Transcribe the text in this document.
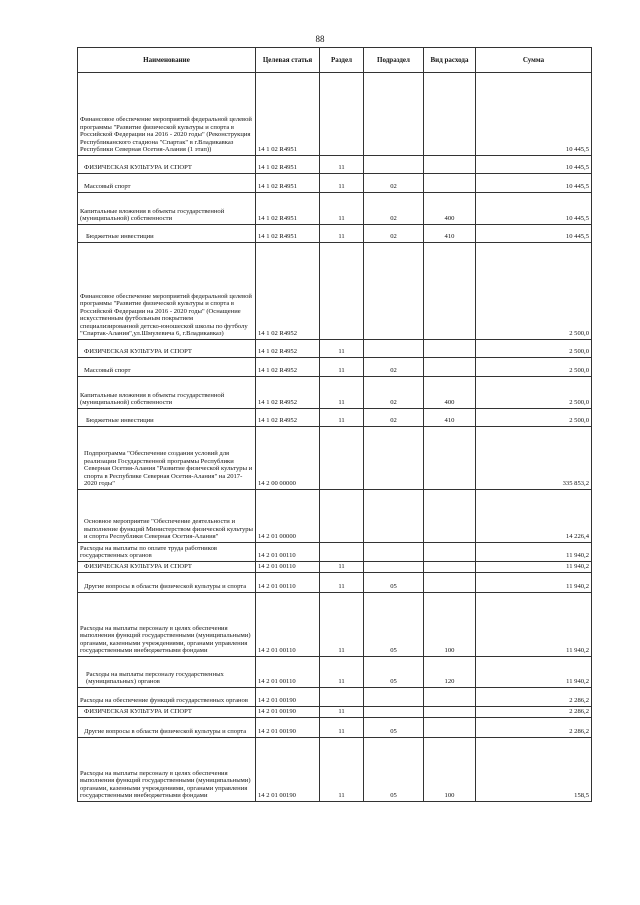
88
Наименование	Целевая статья	Раздел	Подраздел	Вид расхода	Сумма
Финансовое обеспечение мероприятий федеральной целевой программы "Развитие физической культуры и спорта в Российской Федерации на 2016 - 2020 годы" (Реконструкция Республиканского стадиона "Спартак" в г.Владикавказ Республики Северная Осетия-Алания (1 этап))	14 1 02 R4951				10 445,5
ФИЗИЧЕСКАЯ КУЛЬТУРА И СПОРТ	14 1 02 R4951	11			10 445,5
Массовый спорт	14 1 02 R4951	11	02		10 445,5
Капитальные вложения в объекты государственной (муниципальной) собственности	14 1 02 R4951	11	02	400	10 445,5
Бюджетные инвестиции	14 1 02 R4951	11	02	410	10 445,5
Финансовое обеспечение мероприятий федеральной целевой программы "Развитие физической культуры и спорта в Российской Федерации на 2016 - 2020 годы" (Оснащение искусственным футбольным покрытием специализированной детско-юношеской школы по футболу "Спартак-Алания",ул.Шмулевича 6, г.Владикавказ)	14 1 02 R4952				2 500,0
ФИЗИЧЕСКАЯ КУЛЬТУРА И СПОРТ	14 1 02 R4952	11			2 500,0
Массовый спорт	14 1 02 R4952	11	02		2 500,0
Капитальные вложения в объекты государственной (муниципальной) собственности	14 1 02 R4952	11	02	400	2 500,0
Бюджетные инвестиции	14 1 02 R4952	11	02	410	2 500,0
Подпрограмма "Обеспечение создания условий для реализации Государственной программы Республики Северная Осетия-Алания "Развитие физической культуры и спорта в Республике Северная Осетия-Алания" на 2017-2020 годы"	14 2 00 00000				335 853,2
Основное мероприятие "Обеспечение деятельности и выполнение функций Министерством физической культуры и спорта Республики Северная Осетия-Алания"	14 2 01 00000				14 226,4
Расходы на выплаты по оплате труда работников государственных органов	14 2 01 00110				11 940,2
ФИЗИЧЕСКАЯ КУЛЬТУРА И СПОРТ	14 2 01 00110	11			11 940,2
Другие вопросы в области физической культуры и спорта	14 2 01 00110	11	05		11 940,2
Расходы на выплаты персоналу в целях обеспечения выполнения функций государственными (муниципальными) органами, казенными учреждениями, органами управления государственными внебюджетными фондами	14 2 01 00110	11	05	100	11 940,2
Расходы на выплаты персоналу государственных (муниципальных) органов	14 2 01 00110	11	05	120	11 940,2
Расходы на обеспечение функций государственных органов	14 2 01 00190				2 286,2
ФИЗИЧЕСКАЯ КУЛЬТУРА И СПОРТ	14 2 01 00190	11			2 286,2
Другие вопросы в области физической культуры и спорта	14 2 01 00190	11	05		2 286,2
Расходы на выплаты персоналу в целях обеспечения выполнения функций государственными (муниципальными) органами, казенными учреждениями, органами управления государственными внебюджетными фондами	14 2 01 00190	11	05	100	158,5
